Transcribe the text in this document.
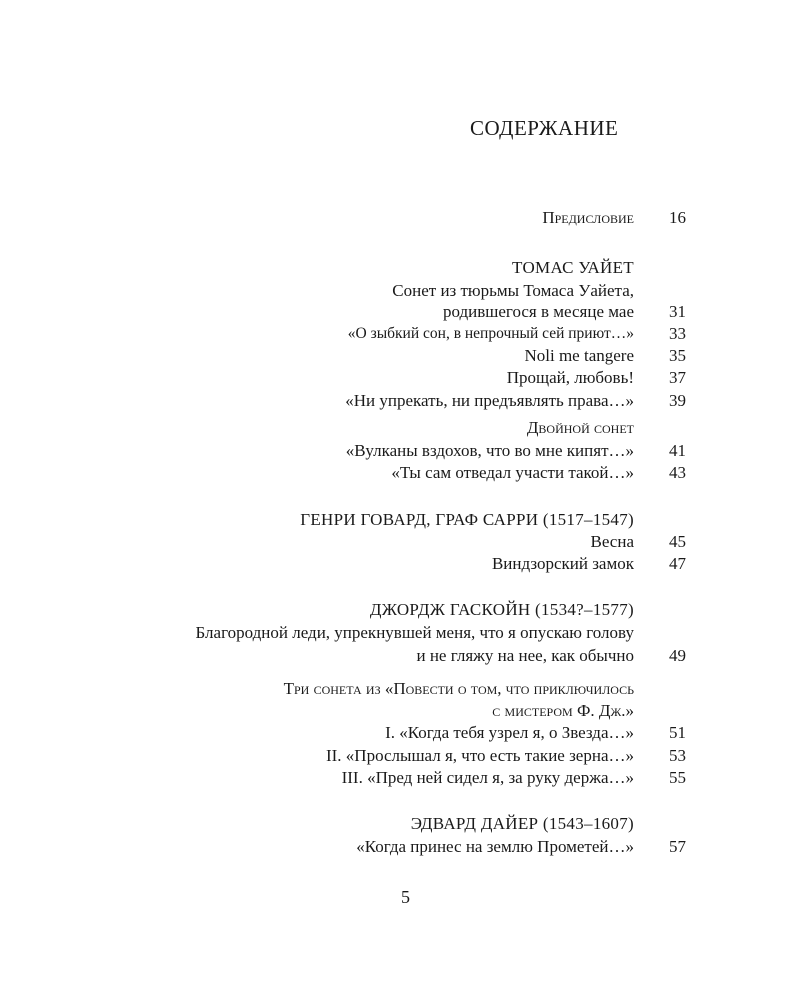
СОДЕРЖАНИЕ
Предисловие 16
ТОМАС УАЙЕТ
Сонет из тюрьмы Томаса Уайета,
родившегося в месяце мае 31
«О зыбкий сон, в непрочный сей приют…» 33
Noli me tangere 35
Прощай, любовь! 37
«Ни упрекать, ни предъявлять права…» 39
Двойной сонет
«Вулканы вздохов, что во мне кипят…» 41
«Ты сам отведал участи такой…» 43
ГЕНРИ ГОВАРД, ГРАФ САРРИ (1517–1547)
Весна 45
Виндзорский замок 47
ДЖОРДЖ ГАСКОЙН (1534?–1577)
Благородной леди, упрекнувшей меня, что я опускаю голову
и не гляжу на нее, как обычно 49
Три сонета из «Повести о том, что приключилось
с мистером Ф. Дж.»
I. «Когда тебя узрел я, о Звезда…» 51
II. «Прослышал я, что есть такие зерна…» 53
III. «Пред ней сидел я, за руку держа…» 55
ЭДВАРД ДАЙЕР (1543–1607)
«Когда принес на землю Прометей…» 57
5
